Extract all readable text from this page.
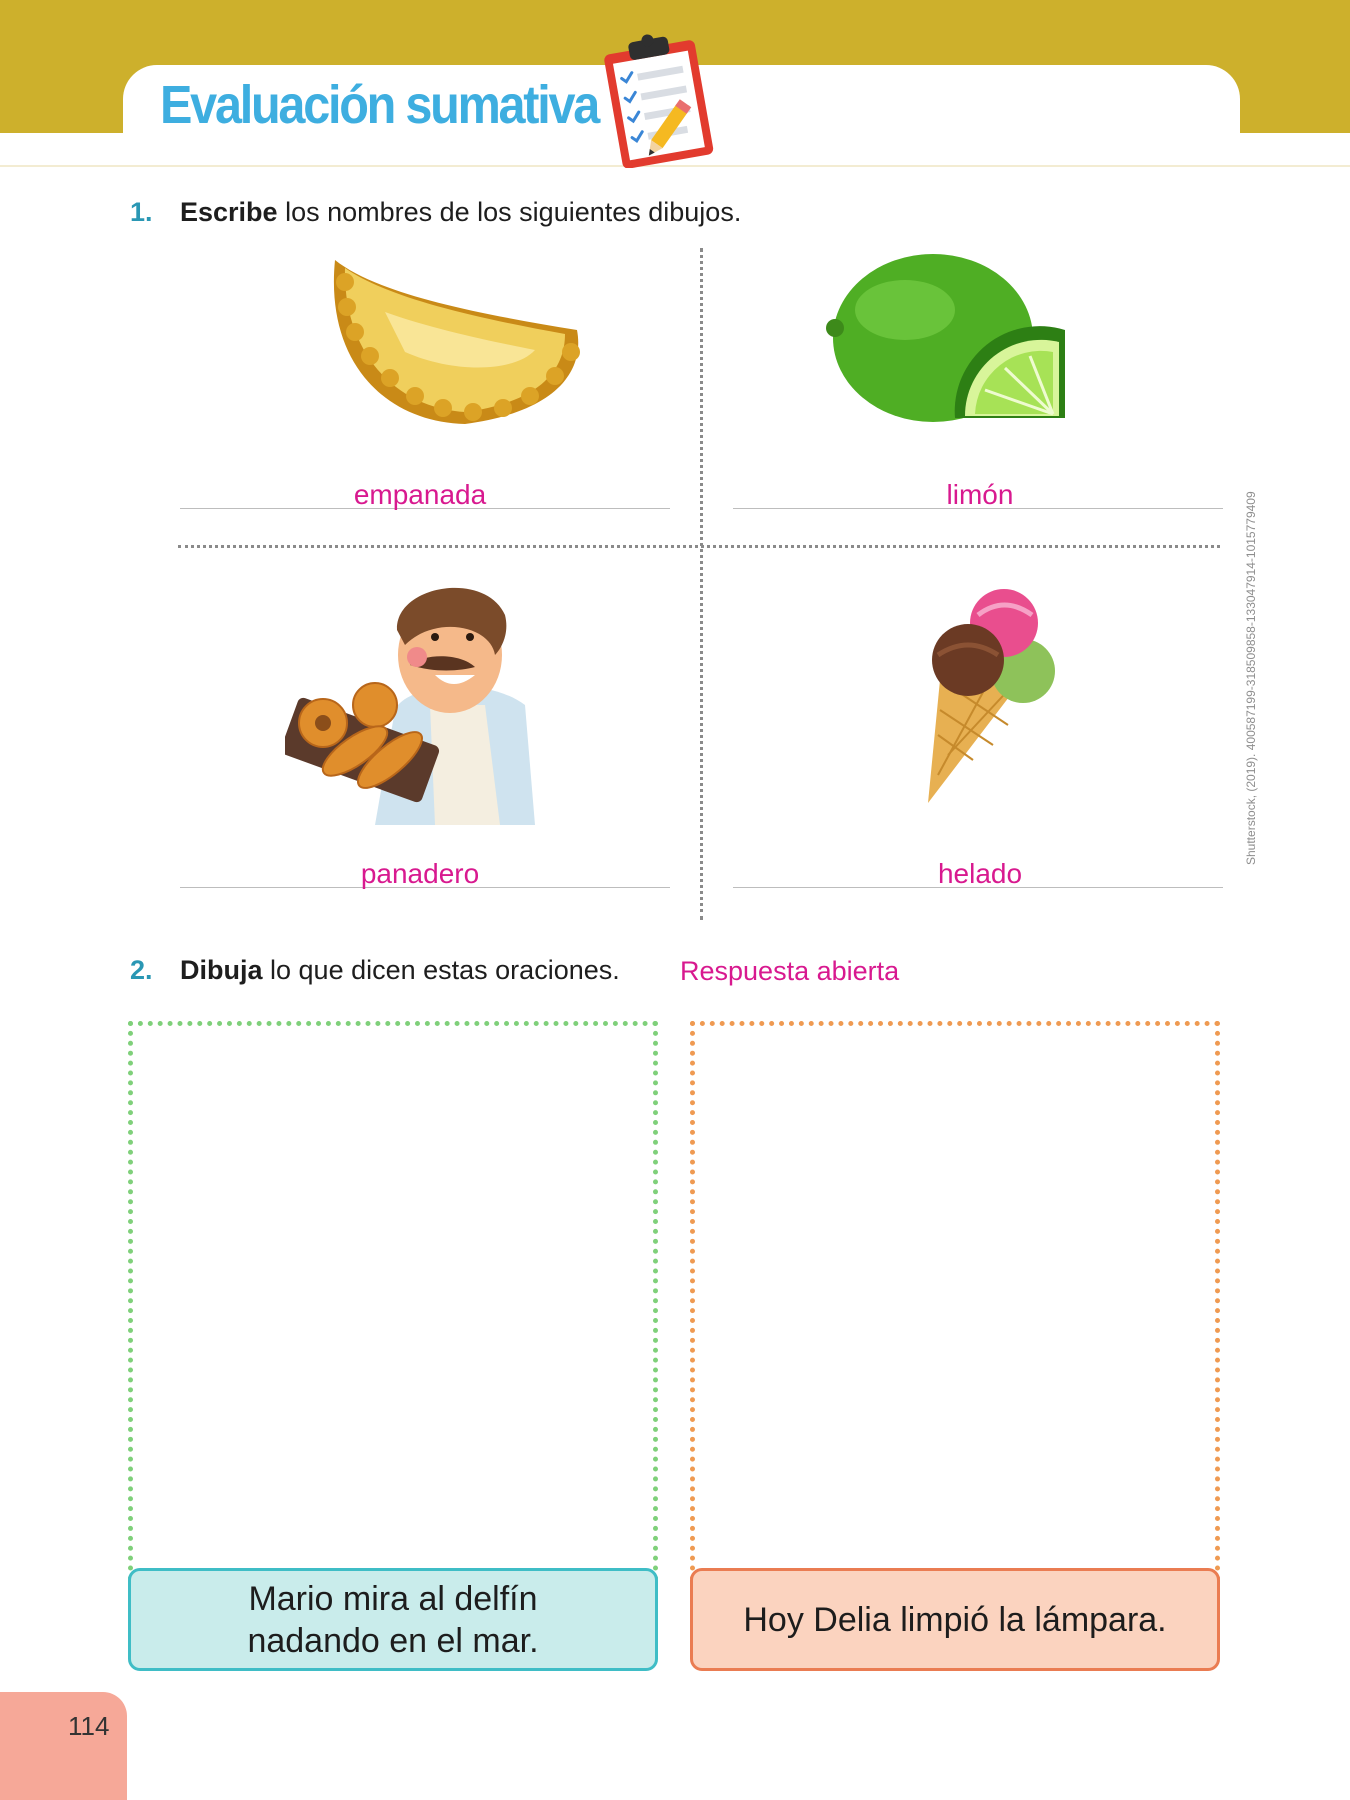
Evaluación sumativa
1. Escribe los nombres de los siguientes dibujos.
empanada	limón
panadero	helado
Shutterstock, (2019). 400587199-318509858-133047914-1015779409
2. Dibuja lo que dicen estas oraciones. Respuesta abierta
Mario mira al delfín
nadando en el mar.
Hoy Delia limpió la lámpara.
114
